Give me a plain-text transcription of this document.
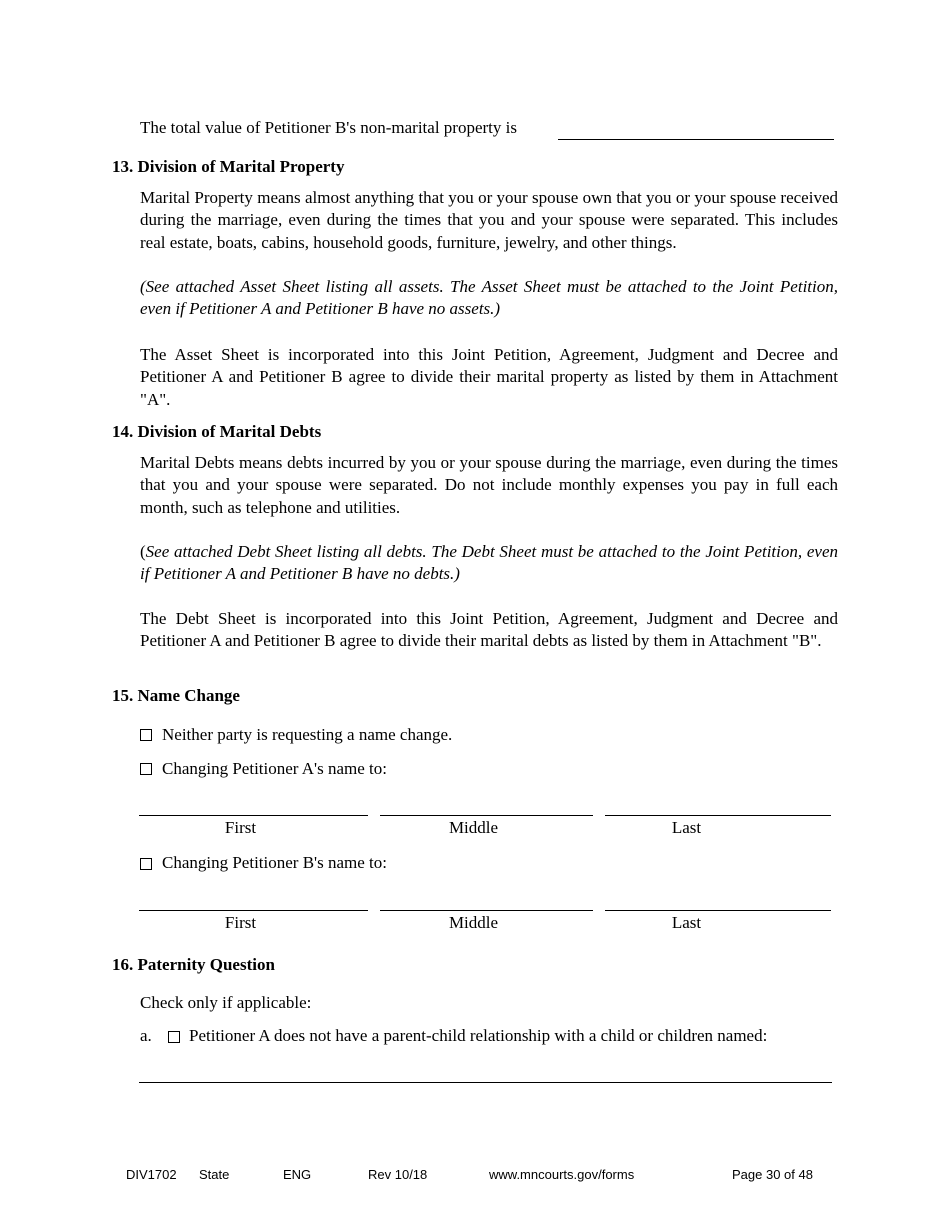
The total value of Petitioner B's non-marital property is
13. Division of Marital Property
Marital Property means almost anything that you or your spouse own that you or your spouse received during the marriage, even during the times that you and your spouse were separated. This includes real estate, boats, cabins, household goods, furniture, jewelry, and other things.
(See attached Asset Sheet listing all assets. The Asset Sheet must be attached to the Joint Petition, even if Petitioner A and Petitioner B have no assets.)
The Asset Sheet is incorporated into this Joint Petition, Agreement, Judgment and Decree and Petitioner A and Petitioner B agree to divide their marital property as listed by them in Attachment "A".
14. Division of Marital Debts
Marital Debts means debts incurred by you or your spouse during the marriage, even during the times that you and your spouse were separated. Do not include monthly expenses you pay in full each month, such as telephone and utilities.
(See attached Debt Sheet listing all debts. The Debt Sheet must be attached to the Joint Petition, even if Petitioner A and Petitioner B have no debts.)
The Debt Sheet is incorporated into this Joint Petition, Agreement, Judgment and Decree and Petitioner A and Petitioner B agree to divide their marital debts as listed by them in Attachment "B".
15. Name Change
Neither party is requesting a name change.
Changing Petitioner A's name to:
First	Middle	Last
Changing Petitioner B's name to:
First	Middle	Last
16. Paternity Question
Check only if applicable:
a. Petitioner A does not have a parent-child relationship with a child or children named:
DIV1702 State	ENG	Rev 10/18	www.mncourts.gov/forms	Page 30 of 48
